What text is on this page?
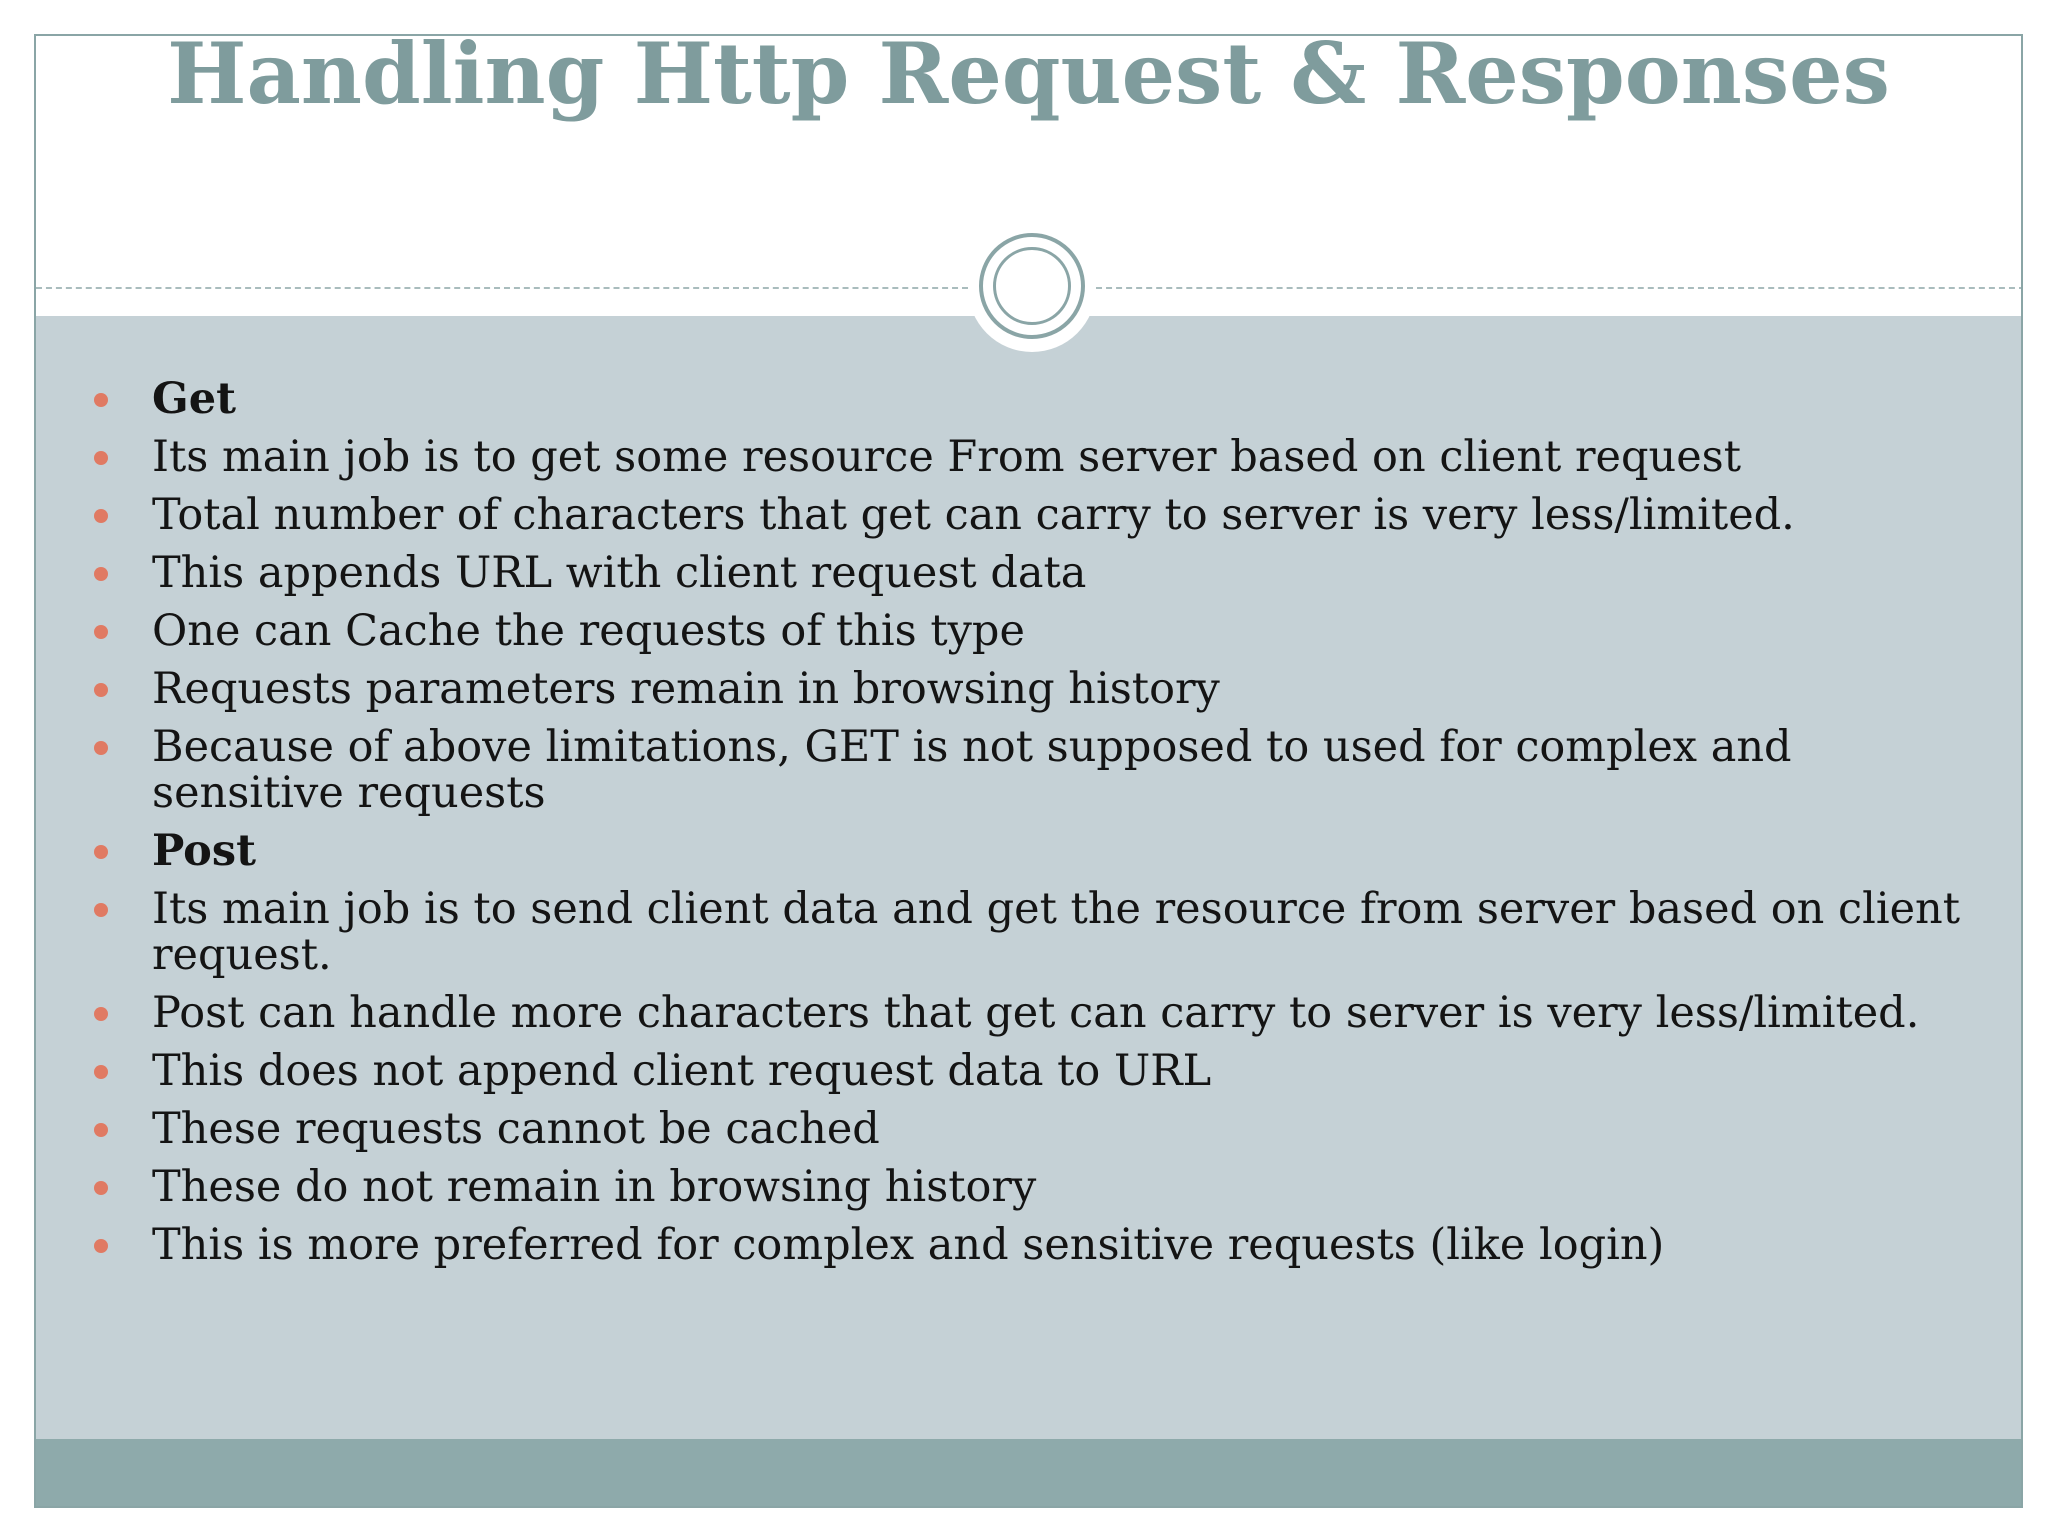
Handling Http Request & Responses
Get
Its main job is to get some resource From server based on client request
Total number of characters that get can carry to server is very less/limited.
This appends URL with client request data
One can Cache the requests of this type
Requests parameters remain in browsing history
Because of above limitations, GET is not supposed to used for complex and sensitive requests
Post
Its main job is to send client data and get the resource from server based on client request.
Post can handle more characters that get can carry to server is very less/limited.
This does not append client request data to URL
These requests cannot be cached
These do not remain in browsing history
This is more preferred for complex and sensitive requests (like login)
